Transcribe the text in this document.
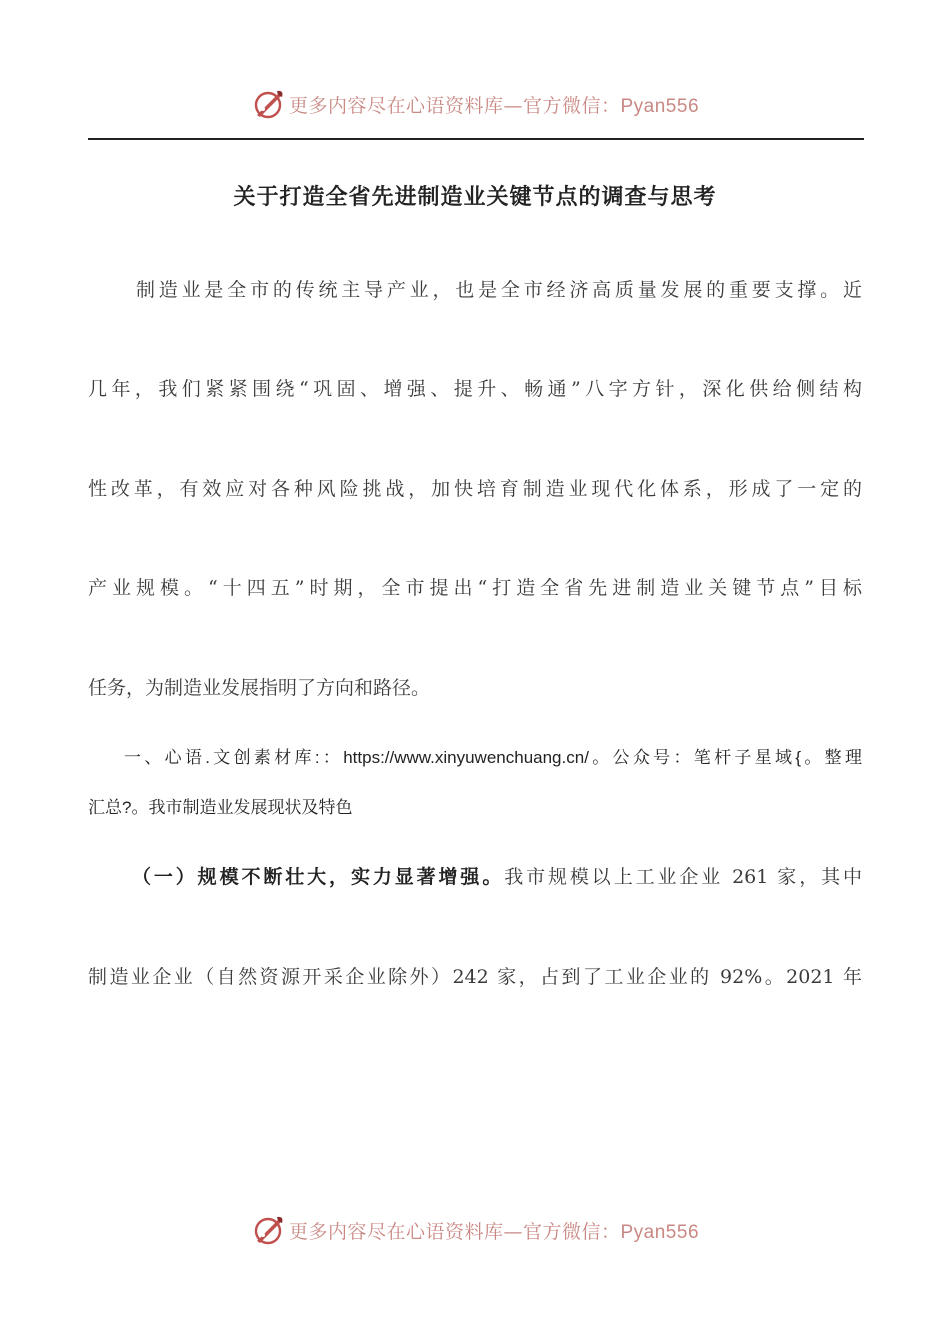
更多内容尽在心语资料库—官方微信：Pyan556
关于打造全省先进制造业关键节点的调查与思考
制造业是全市的传统主导产业，也是全市经济高质量发展的重要支撑。近
几年，我们紧紧围绕“巩固、增强、提升、畅通”八字方针，深化供给侧结构
性改革，有效应对各种风险挑战，加快培育制造业现代化体系，形成了一定的
产业规模。“十四五”时期，全市提出“打造全省先进制造业关键节点”目标
任务，为制造业发展指明了方向和路径。
一、心语.文创素材库:：https://www.xinyuwenchuang.cn/。公众号：笔杆子星域{。整理
汇总?。我市制造业发展现状及特色
（一）规模不断壮大，实力显著增强。我市规模以上工业企业 261 家，其中
制造业企业（自然资源开采企业除外）242 家，占到了工业企业的 92%。2021 年
更多内容尽在心语资料库—官方微信：Pyan556
